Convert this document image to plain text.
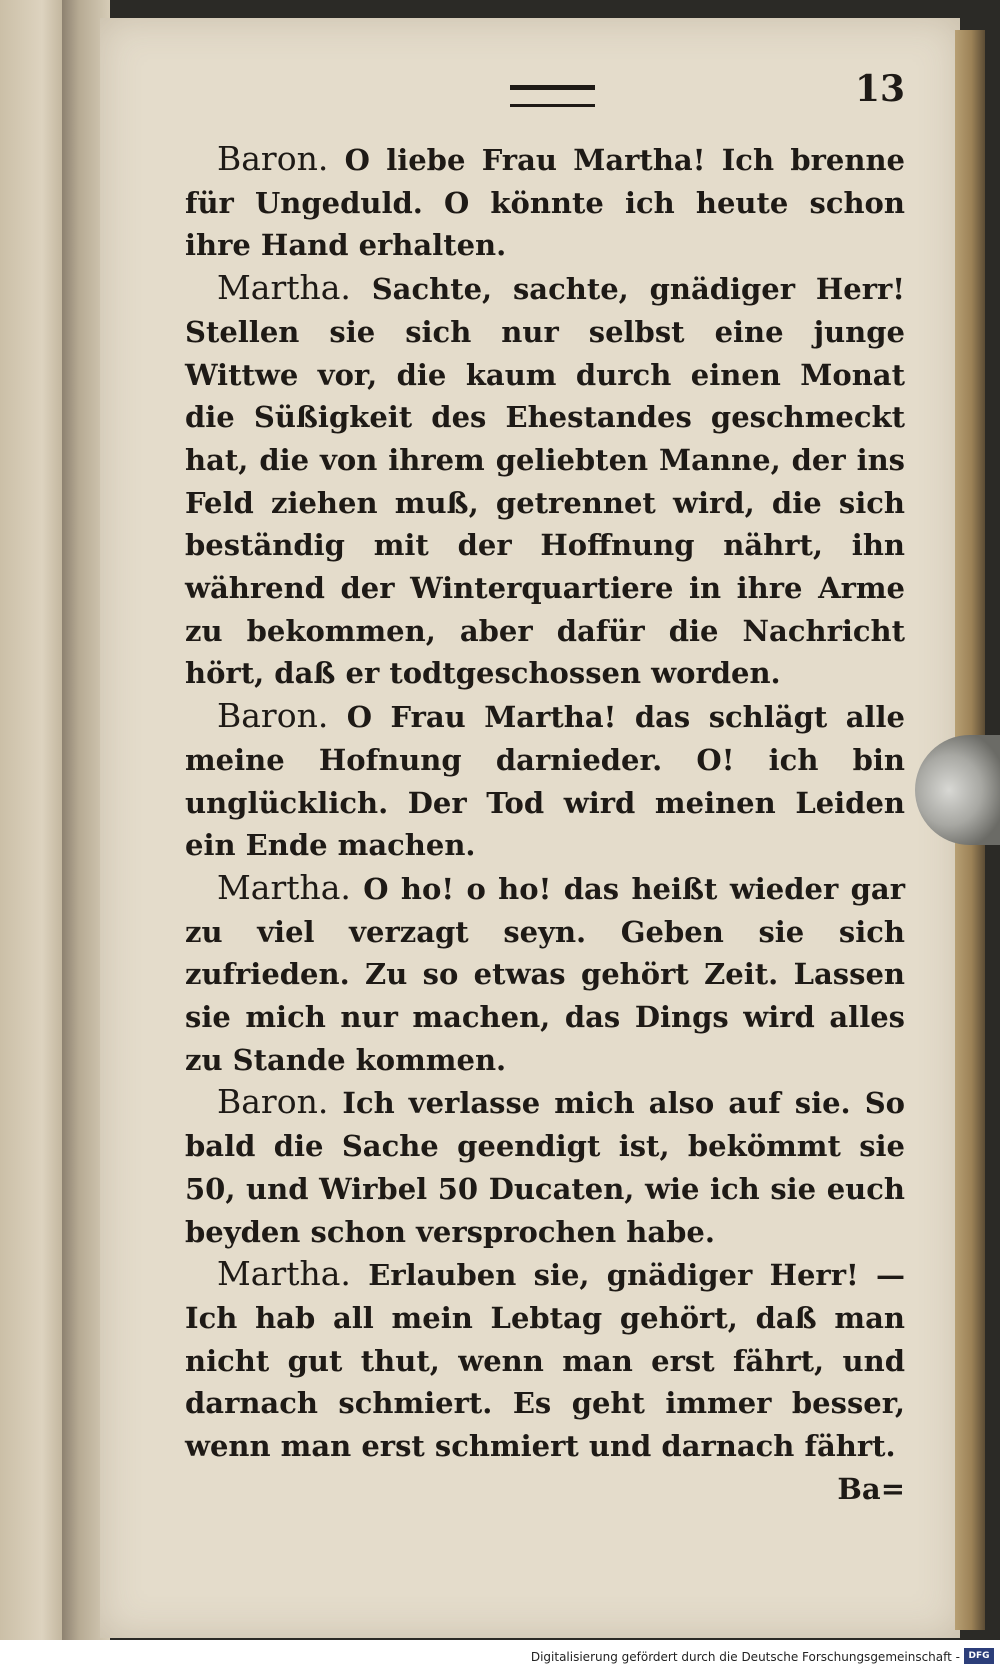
13

Baron. O liebe Frau Martha! Ich brenne für Ungeduld. O könnte ich heute schon ihre Hand erhalten.

Martha. Sachte, sachte, gnädiger Herr! Stellen sie sich nur selbst eine junge Wittwe vor, die kaum durch einen Monat die Süßigkeit des Ehestandes geschmeckt hat, die von ihrem geliebten Manne, der ins Feld ziehen muß, getrennet wird, die sich beständig mit der Hoffnung nährt, ihn während der Winterquartiere in ihre Arme zu bekommen, aber dafür die Nachricht hört, daß er todtgeschossen worden.

Baron. O Frau Martha! das schlägt alle meine Hofnung darnieder. O! ich bin unglücklich. Der Tod wird meinen Leiden ein Ende machen.

Martha. O ho! o ho! das heißt wieder gar zu viel verzagt seyn. Geben sie sich zufrieden. Zu so etwas gehört Zeit. Lassen sie mich nur machen, das Dings wird alles zu Stande kommen.

Baron. Ich verlasse mich also auf sie. So bald die Sache geendigt ist, bekömmt sie 50, und Wirbel 50 Ducaten, wie ich sie euch beyden schon versprochen habe.

Martha. Erlauben sie, gnädiger Herr! — Ich hab all mein Lebtag gehört, daß man nicht gut thut, wenn man erst fährt, und darnach schmiert. Es geht immer besser, wenn man erst schmiert und darnach fährt.
Ba=

Digitalisierung gefördert durch die Deutsche Forschungsgemeinschaft - DFG
